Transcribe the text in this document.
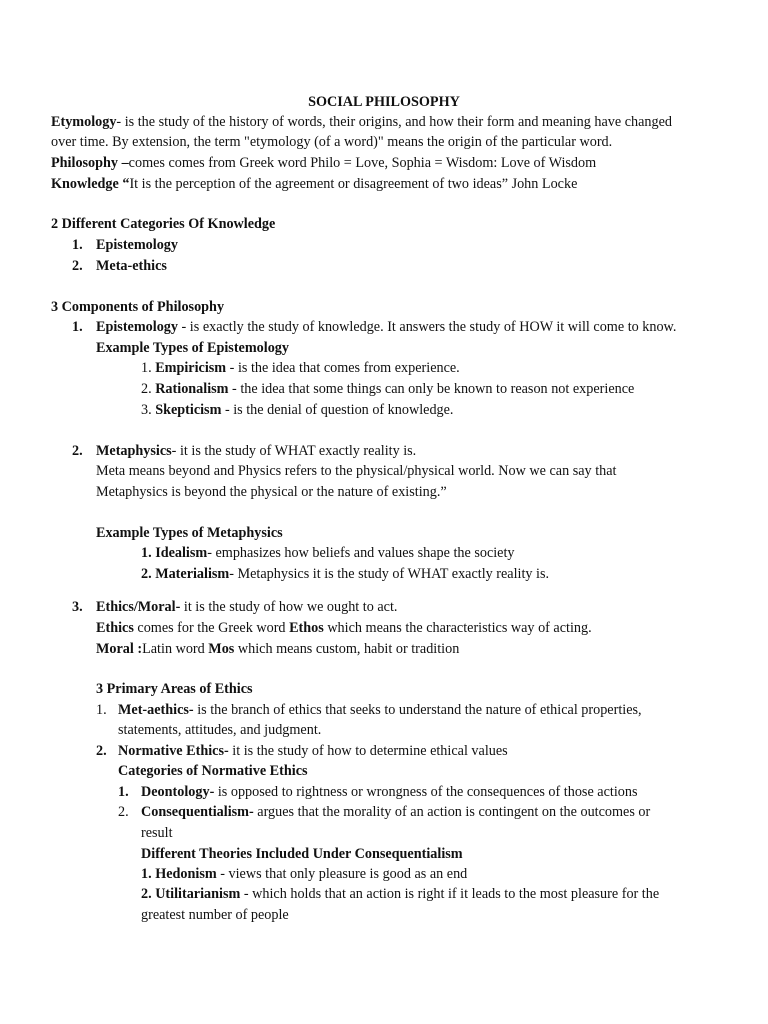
SOCIAL PHILOSOPHY
Etymology- is the study of the history of words, their origins, and how their form and meaning have changed
over time. By extension, the term "etymology (of a word)" means the origin of the particular word.
Philosophy –comes comes from Greek word Philo = Love, Sophia = Wisdom: Love of Wisdom
Knowledge “It is the perception of the agreement or disagreement of two ideas” John Locke
2 Different Categories Of Knowledge
1. Epistemology
2. Meta-ethics
3 Components of Philosophy
1. Epistemology - is exactly the study of knowledge. It answers the study of HOW it will come to know.
Example Types of Epistemology
1. Empiricism - is the idea that comes from experience.
2. Rationalism - the idea that some things can only be known to reason not experience
3. Skepticism - is the denial of question of knowledge.
2. Metaphysics- it is the study of WHAT exactly reality is.
Meta means beyond and Physics refers to the physical/physical world. Now we can say that
Metaphysics is beyond the physical or the nature of existing.”
Example Types of Metaphysics
1. Idealism- emphasizes how beliefs and values shape the society
2. Materialism- Metaphysics it is the study of WHAT exactly reality is.
3. Ethics/Moral- it is the study of how we ought to act.
Ethics comes for the Greek word Ethos which means the characteristics way of acting.
Moral :Latin word Mos which means custom, habit or tradition
3 Primary Areas of Ethics
1. Met-aethics- is the branch of ethics that seeks to understand the nature of ethical properties,
statements, attitudes, and judgment.
2. Normative Ethics- it is the study of how to determine ethical values
Categories of Normative Ethics
1. Deontology- is opposed to rightness or wrongness of the consequences of those actions
2. Consequentialism- argues that the morality of an action is contingent on the outcomes or
result
Different Theories Included Under Consequentialism
1. Hedonism - views that only pleasure is good as an end
2. Utilitarianism - which holds that an action is right if it leads to the most pleasure for the
greatest number of people
